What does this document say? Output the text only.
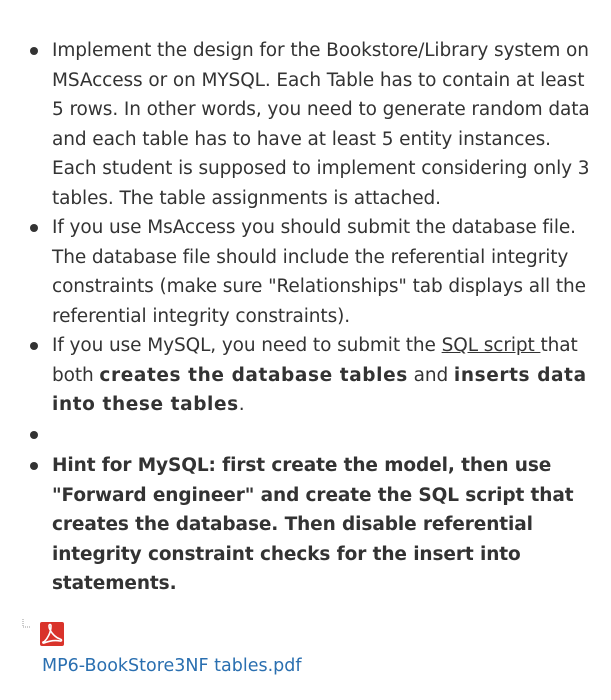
Implement the design for the Bookstore/Library system on MSAccess or on MYSQL. Each Table has to contain at least 5 rows. In other words, you need to generate random data and each table has to have at least 5 entity instances. Each student is supposed to implement considering only 3 tables. The table assignments is attached.
If you use MsAccess you should submit the database file. The database file should include the referential integrity constraints (make sure "Relationships" tab displays all the referential integrity constraints).
If you use MySQL, you need to submit the SQL script that both creates the database tables and inserts data into these tables.
Hint for MySQL: first create the model, then use "Forward engineer" and create the SQL script that creates the database. Then disable referential integrity constraint checks for the insert into statements.
MP6-BookStore3NF tables.pdf
